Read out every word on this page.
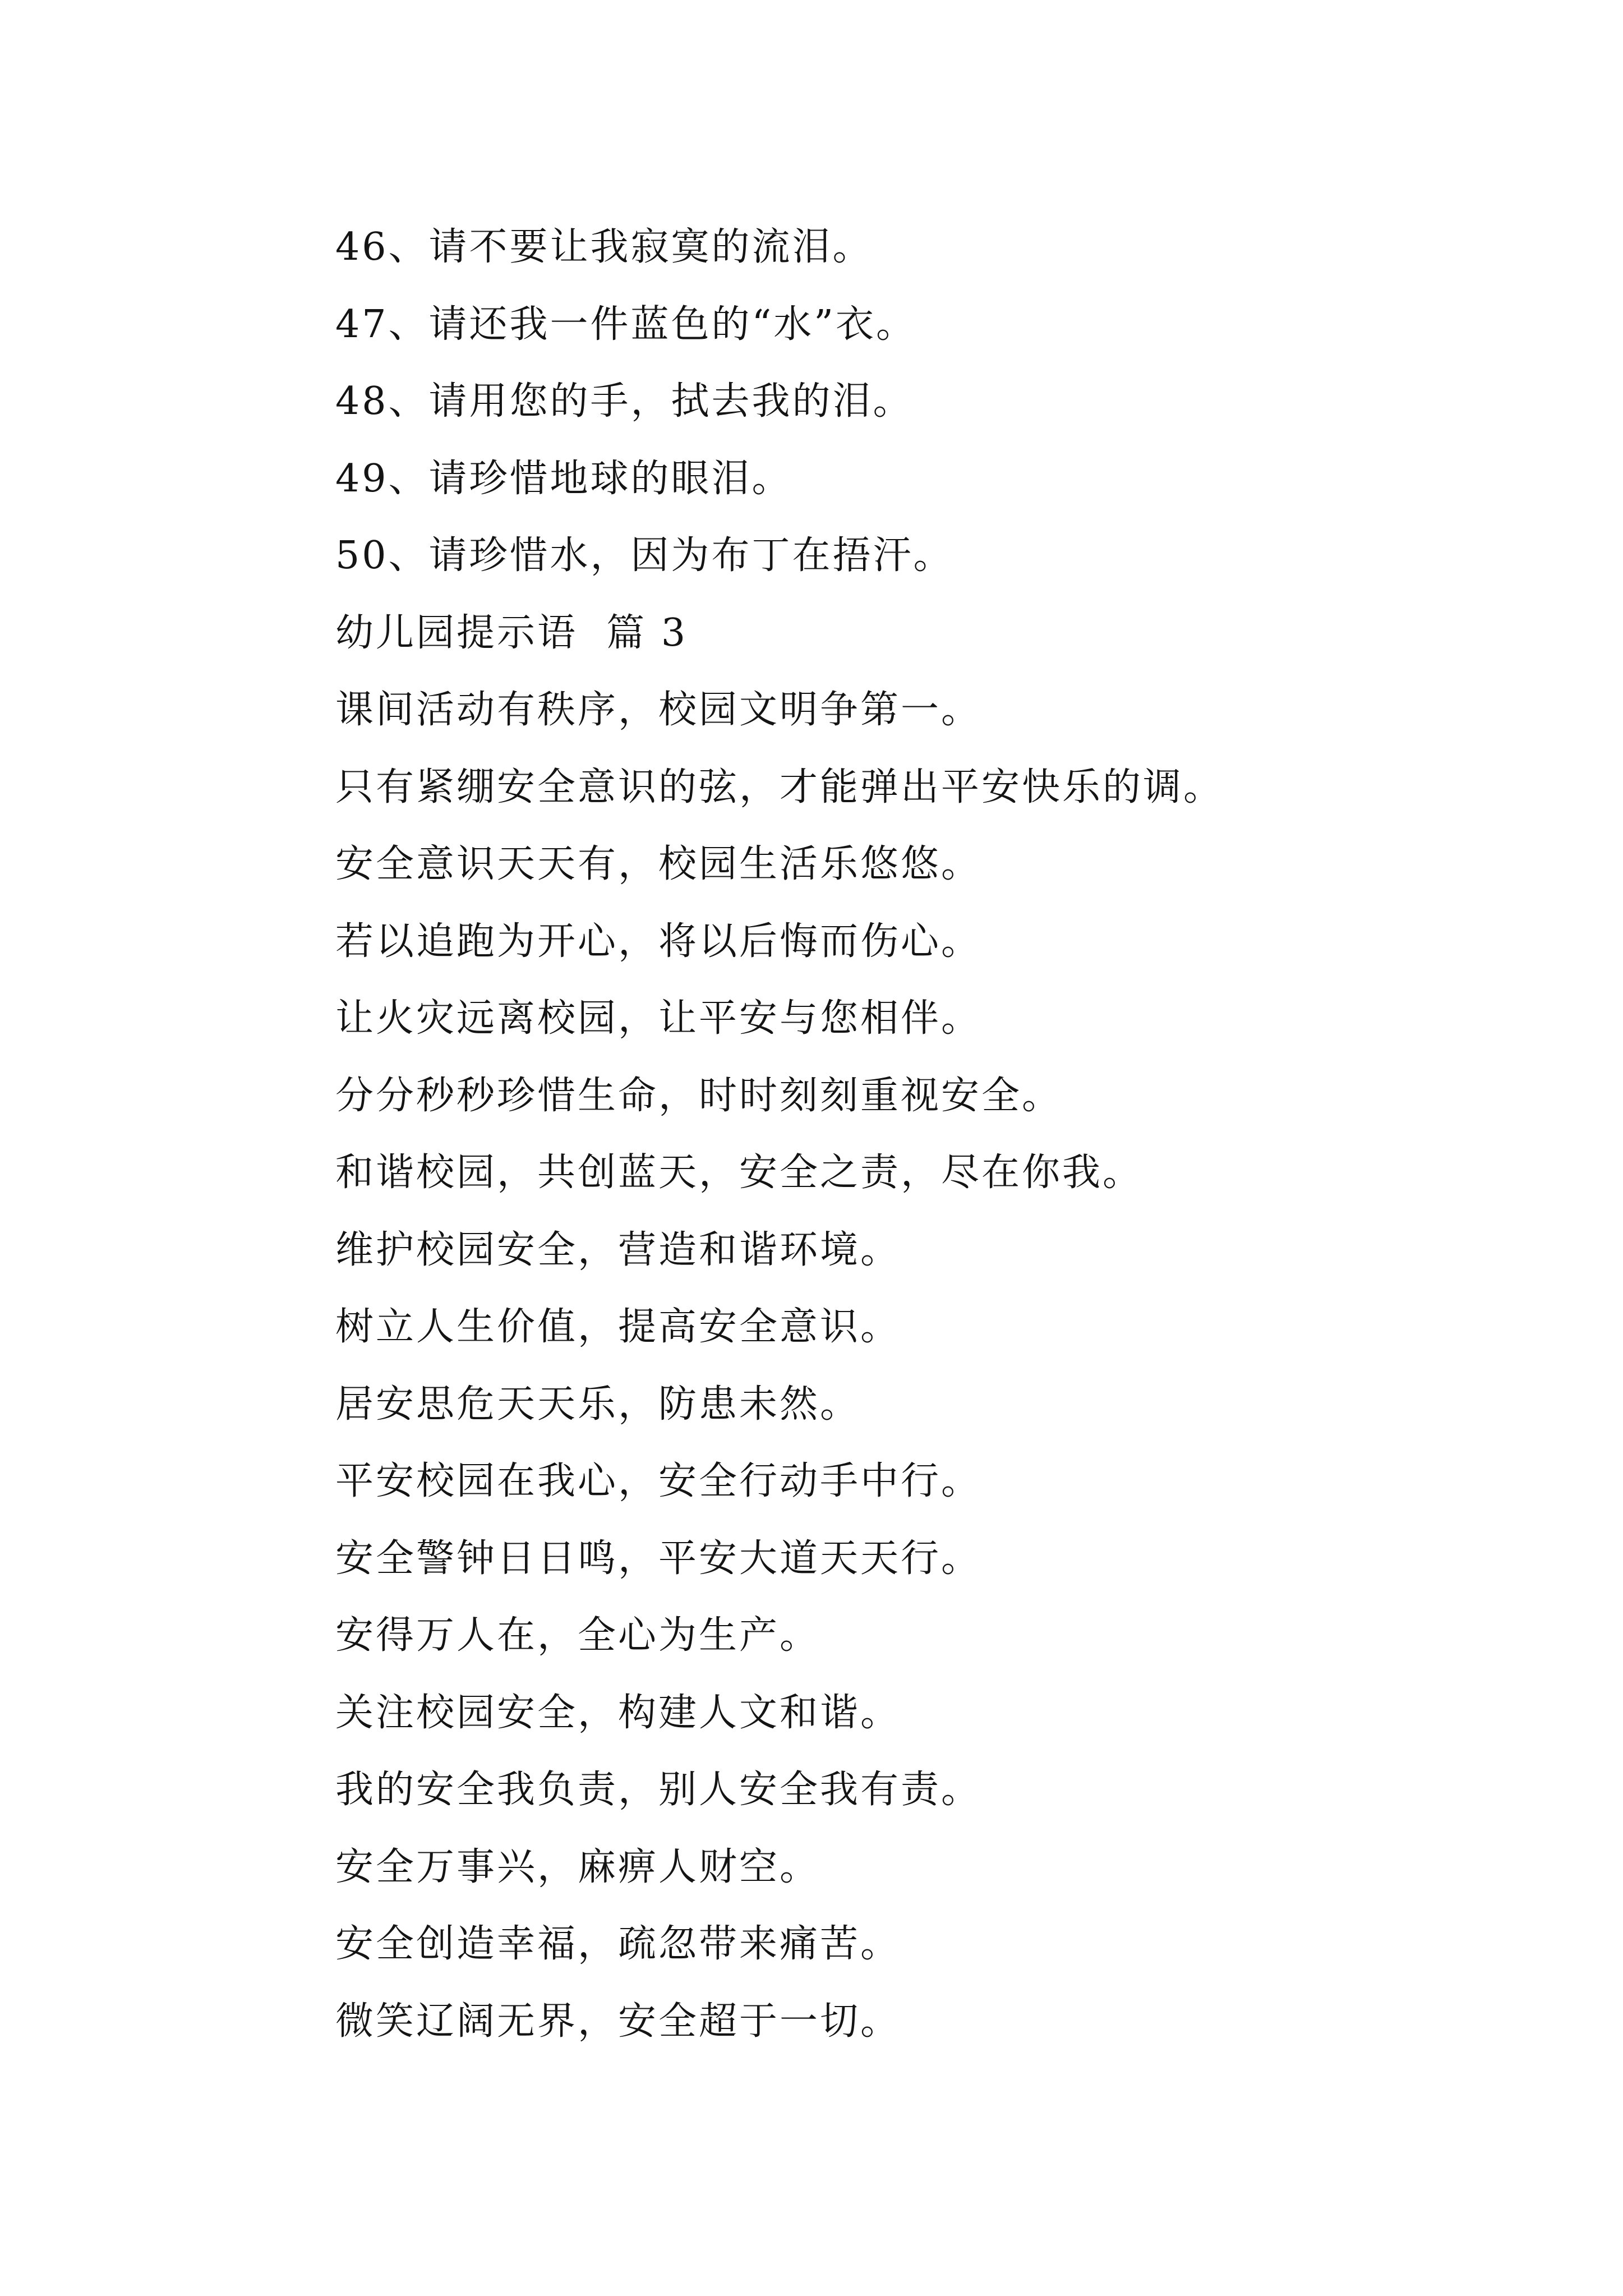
46、请不要让我寂寞的流泪。
47、请还我一件蓝色的“水”衣。
48、请用您的手，拭去我的泪。
49、请珍惜地球的眼泪。
50、请珍惜水，因为布丁在捂汗。
幼儿园提示语  篇 3
课间活动有秩序，校园文明争第一。
只有紧绷安全意识的弦，才能弹出平安快乐的调。
安全意识天天有，校园生活乐悠悠。
若以追跑为开心，将以后悔而伤心。
让火灾远离校园，让平安与您相伴。
分分秒秒珍惜生命，时时刻刻重视安全。
和谐校园，共创蓝天，安全之责，尽在你我。
维护校园安全，营造和谐环境。
树立人生价值，提高安全意识。
居安思危天天乐，防患未然。
平安校园在我心，安全行动手中行。
安全警钟日日鸣，平安大道天天行。
安得万人在，全心为生产。
关注校园安全，构建人文和谐。
我的安全我负责，别人安全我有责。
安全万事兴，麻痹人财空。
安全创造幸福，疏忽带来痛苦。
微笑辽阔无界，安全超于一切。
